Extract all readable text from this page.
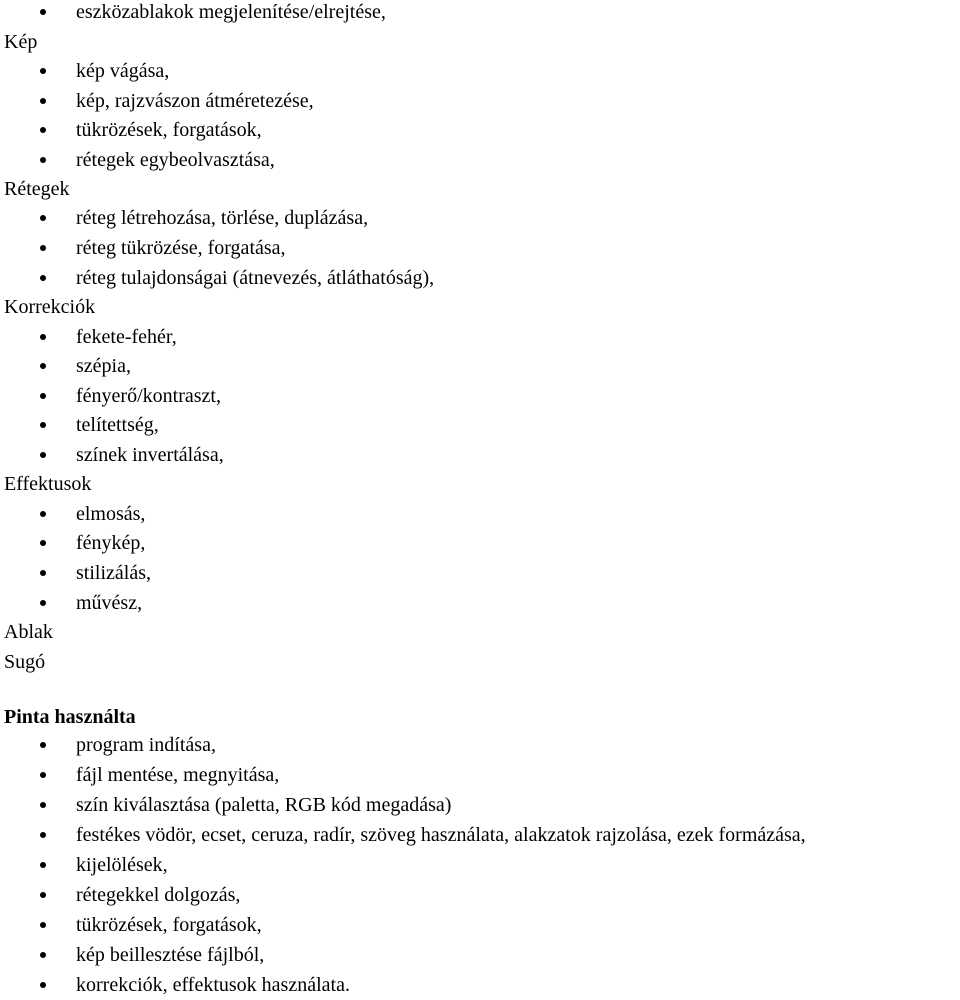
eszközablakok megjelenítése/elrejtése,
Kép
kép vágása,
kép, rajzvászon átméretezése,
tükrözések, forgatások,
rétegek egybeolvasztása,
Rétegek
réteg létrehozása, törlése, duplázása,
réteg tükrözése, forgatása,
réteg tulajdonságai (átnevezés, átláthatóság),
Korrekciók
fekete-fehér,
szépia,
fényerő/kontraszt,
telítettség,
színek invertálása,
Effektusok
elmosás,
fénykép,
stilizálás,
művész,
Ablak
Sugó
Pinta használta
program indítása,
fájl mentése, megnyitása,
szín kiválasztása (paletta, RGB kód megadása)
festékes vödör, ecset, ceruza, radír, szöveg használata, alakzatok rajzolása, ezek formázása,
kijelölések,
rétegekkel dolgozás,
tükrözések, forgatások,
kép beillesztése fájlból,
korrekciók, effektusok használata.
